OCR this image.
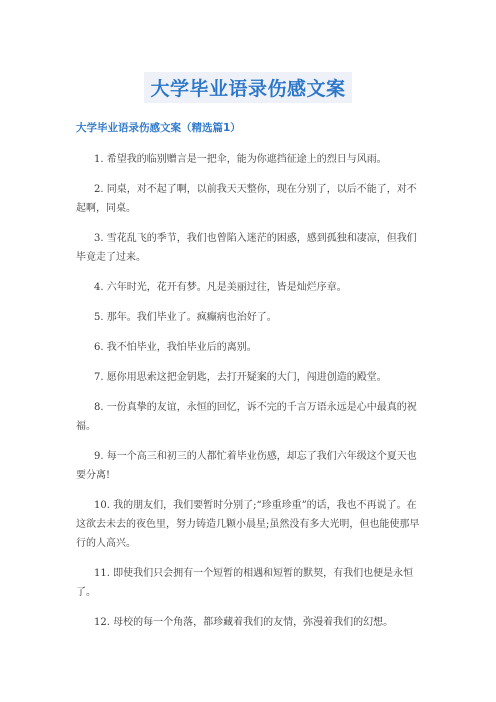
大学毕业语录伤感文案
大学毕业语录伤感文案（精选篇1）

1. 希望我的临别赠言是一把伞，能为你遮挡征途上的烈日与风雨。

2. 同桌，对不起了啊，以前我天天整你，现在分别了，以后不能了，对不起啊，同桌。

3. 雪花乱飞的季节，我们也曾陷入迷茫的困惑，感到孤独和凄凉，但我们毕竟走了过来。

4. 六年时光，花开有梦。凡是美丽过往，皆是灿烂序章。

5. 那年。我们毕业了。疯癫病也治好了。

6. 我不怕毕业，我怕毕业后的离别。

7. 愿你用思索这把金钥匙，去打开疑案的大门，闯进创造的殿堂。

8. 一份真挚的友谊，永恒的回忆，诉不完的千言万语永远是心中最真的祝福。

9. 每一个高三和初三的人都忙着毕业伤感，却忘了我们六年级这个夏天也要分离!

10. 我的朋友们，我们要暂时分别了;“珍重珍重”的话，我也不再说了。在这欲去未去的夜色里，努力铸造几颗小晨星;虽然没有多大光明，但也能使那早行的人高兴。

11. 即使我们只会拥有一个短暂的相遇和短暂的默契，有我们也便是永恒了。

12. 母校的每一个角落，都珍藏着我们的友情，弥漫着我们的幻想。
